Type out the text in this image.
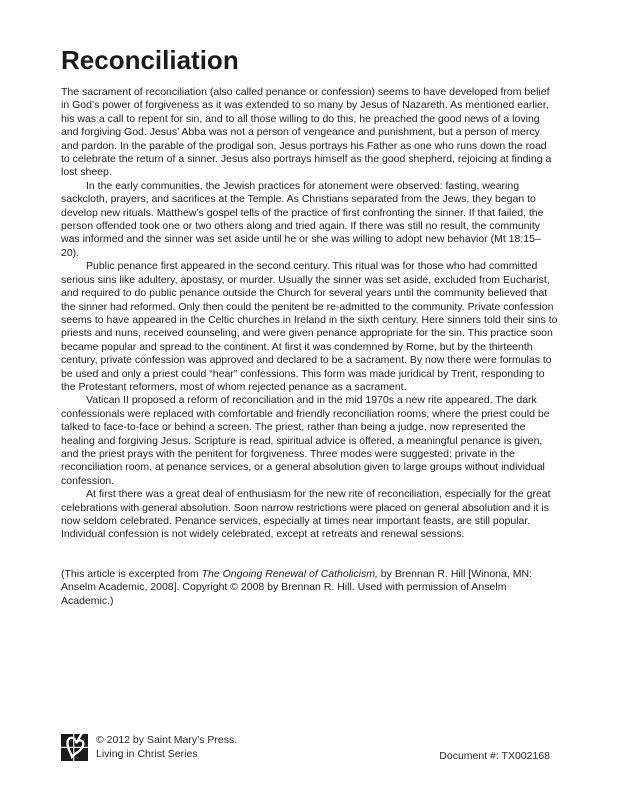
Reconciliation

The sacrament of reconciliation (also called penance or confession) seems to have developed from belief in God’s power of forgiveness as it was extended to so many by Jesus of Nazareth. As mentioned earlier, his was a call to repent for sin, and to all those willing to do this, he preached the good news of a loving and forgiving God. Jesus’ Abba was not a person of vengeance and punishment, but a person of mercy and pardon. In the parable of the prodigal son, Jesus portrays his Father as one who runs down the road to celebrate the return of a sinner. Jesus also portrays himself as the good shepherd, rejoicing at finding a lost sheep.

In the early communities, the Jewish practices for atonement were observed: fasting, wearing sackcloth, prayers, and sacrifices at the Temple. As Christians separated from the Jews, they began to develop new rituals. Matthew’s gospel tells of the practice of first confronting the sinner. If that failed, the person offended took one or two others along and tried again. If there was still no result, the community was informed and the sinner was set aside until he or she was willing to adopt new behavior (Mt 18:15–20).

Public penance first appeared in the second century. This ritual was for those who had committed serious sins like adultery, apostasy, or murder. Usually the sinner was set aside, excluded from Eucharist, and required to do public penance outside the Church for several years until the community believed that the sinner had reformed. Only then could the penitent be re-admitted to the community. Private confession seems to have appeared in the Celtic churches in Ireland in the sixth century. Here sinners told their sins to priests and nuns, received counseling, and were given penance appropriate for the sin. This practice soon became popular and spread to the continent. At first it was condemned by Rome, but by the thirteenth century, private confession was approved and declared to be a sacrament. By now there were formulas to be used and only a priest could “hear” confessions. This form was made juridical by Trent, responding to the Protestant reformers, most of whom rejected penance as a sacrament.

Vatican II proposed a reform of reconciliation and in the mid 1970s a new rite appeared. The dark confessionals were replaced with comfortable and friendly reconciliation rooms, where the priest could be talked to face-to-face or behind a screen. The priest, rather than being a judge, now represented the healing and forgiving Jesus. Scripture is read, spiritual advice is offered, a meaningful penance is given, and the priest prays with the penitent for forgiveness. Three modes were suggested: private in the reconciliation room, at penance services, or a general absolution given to large groups without individual confession.

At first there was a great deal of enthusiasm for the new rite of reconciliation, especially for the great celebrations with general absolution. Soon narrow restrictions were placed on general absolution and it is now seldom celebrated. Penance services, especially at times near important feasts, are still popular. Individual confession is not widely celebrated, except at retreats and renewal sessions.

(This article is excerpted from The Ongoing Renewal of Catholicism, by Brennan R. Hill [Winona, MN: Anselm Academic, 2008]. Copyright © 2008 by Brennan R. Hill. Used with permission of Anselm Academic.)

© 2012 by Saint Mary’s Press.
Living in Christ Series	Document #: TX002168
